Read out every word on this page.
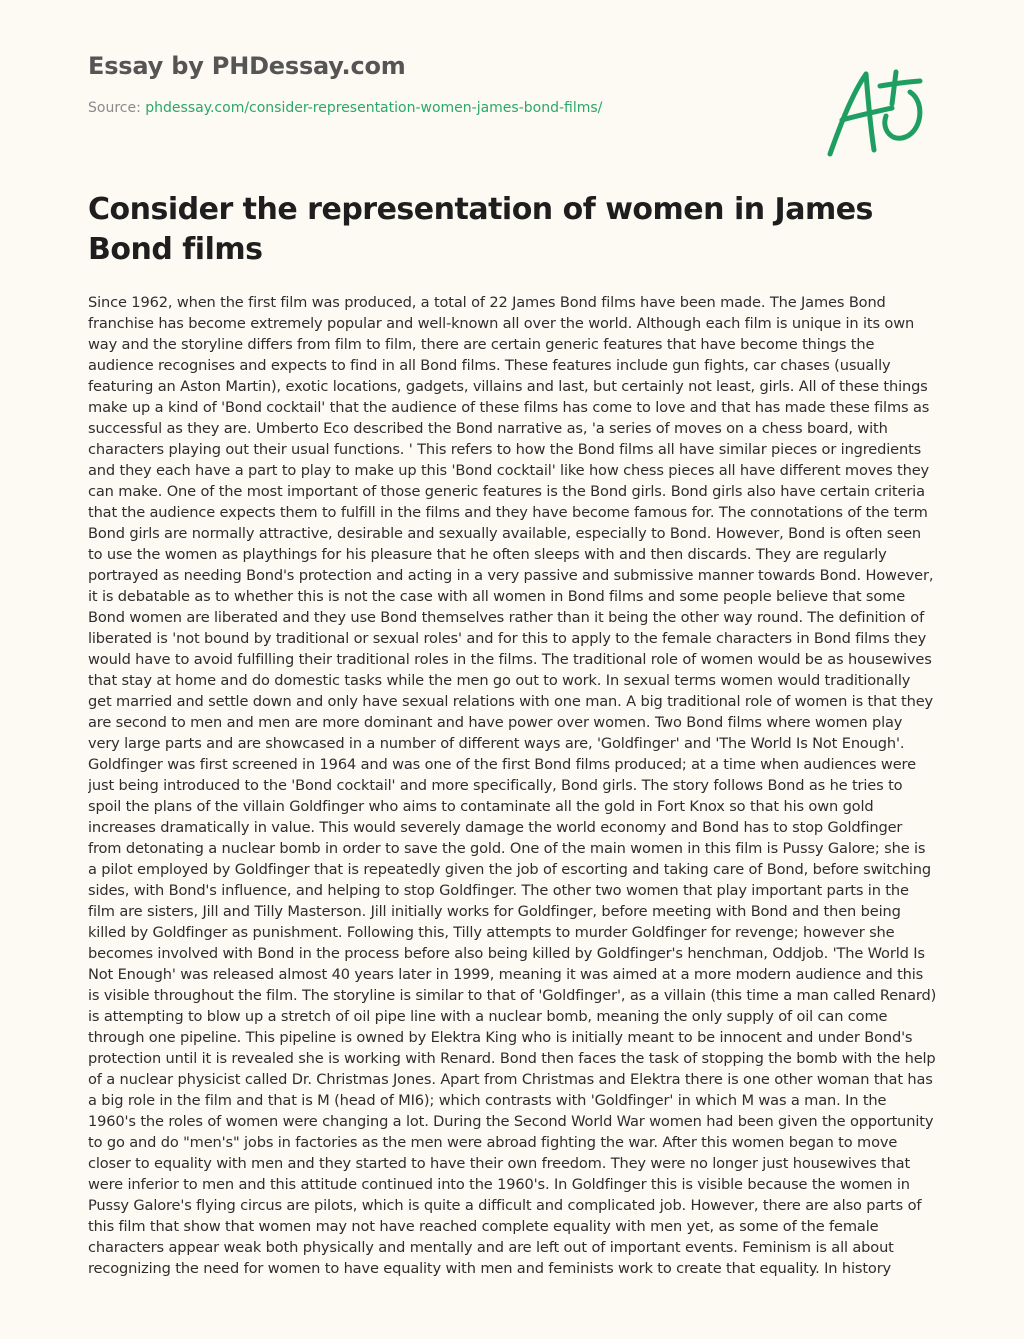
Essay by PHDessay.com
Source: phdessay.com/consider-representation-women-james-bond-films/
Consider the representation of women in James Bond films

Since 1962, when the first film was produced, a total of 22 James Bond films have been made. The James Bond franchise has become extremely popular and well-known all over the world. Although each film is unique in its own way and the storyline differs from film to film, there are certain generic features that have become things the audience recognises and expects to find in all Bond films. These features include gun fights, car chases (usually featuring an Aston Martin), exotic locations, gadgets, villains and last, but certainly not least, girls. All of these things make up a kind of 'Bond cocktail' that the audience of these films has come to love and that has made these films as successful as they are. Umberto Eco described the Bond narrative as, 'a series of moves on a chess board, with characters playing out their usual functions. ' This refers to how the Bond films all have similar pieces or ingredients and they each have a part to play to make up this 'Bond cocktail' like how chess pieces all have different moves they can make. One of the most important of those generic features is the Bond girls. Bond girls also have certain criteria that the audience expects them to fulfill in the films and they have become famous for. The connotations of the term Bond girls are normally attractive, desirable and sexually available, especially to Bond. However, Bond is often seen to use the women as playthings for his pleasure that he often sleeps with and then discards. They are regularly portrayed as needing Bond's protection and acting in a very passive and submissive manner towards Bond. However, it is debatable as to whether this is not the case with all women in Bond films and some people believe that some Bond women are liberated and they use Bond themselves rather than it being the other way round. The definition of liberated is 'not bound by traditional or sexual roles' and for this to apply to the female characters in Bond films they would have to avoid fulfilling their traditional roles in the films. The traditional role of women would be as housewives that stay at home and do domestic tasks while the men go out to work. In sexual terms women would traditionally get married and settle down and only have sexual relations with one man. A big traditional role of women is that they are second to men and men are more dominant and have power over women. Two Bond films where women play very large parts and are showcased in a number of different ways are, 'Goldfinger' and 'The World Is Not Enough'. Goldfinger was first screened in 1964 and was one of the first Bond films produced; at a time when audiences were just being introduced to the 'Bond cocktail' and more specifically, Bond girls. The story follows Bond as he tries to spoil the plans of the villain Goldfinger who aims to contaminate all the gold in Fort Knox so that his own gold increases dramatically in value. This would severely damage the world economy and Bond has to stop Goldfinger from detonating a nuclear bomb in order to save the gold. One of the main women in this film is Pussy Galore; she is a pilot employed by Goldfinger that is repeatedly given the job of escorting and taking care of Bond, before switching sides, with Bond's influence, and helping to stop Goldfinger. The other two women that play important parts in the film are sisters, Jill and Tilly Masterson. Jill initially works for Goldfinger, before meeting with Bond and then being killed by Goldfinger as punishment. Following this, Tilly attempts to murder Goldfinger for revenge; however she becomes involved with Bond in the process before also being killed by Goldfinger's henchman, Oddjob. 'The World Is Not Enough' was released almost 40 years later in 1999, meaning it was aimed at a more modern audience and this is visible throughout the film. The storyline is similar to that of 'Goldfinger', as a villain (this time a man called Renard) is attempting to blow up a stretch of oil pipe line with a nuclear bomb, meaning the only supply of oil can come through one pipeline. This pipeline is owned by Elektra King who is initially meant to be innocent and under Bond's protection until it is revealed she is working with Renard. Bond then faces the task of stopping the bomb with the help of a nuclear physicist called Dr. Christmas Jones. Apart from Christmas and Elektra there is one other woman that has a big role in the film and that is M (head of MI6); which contrasts with 'Goldfinger' in which M was a man. In the 1960's the roles of women were changing a lot. During the Second World War women had been given the opportunity to go and do "men's" jobs in factories as the men were abroad fighting the war. After this women began to move closer to equality with men and they started to have their own freedom. They were no longer just housewives that were inferior to men and this attitude continued into the 1960's. In Goldfinger this is visible because the women in Pussy Galore's flying circus are pilots, which is quite a difficult and complicated job. However, there are also parts of this film that show that women may not have reached complete equality with men yet, as some of the female characters appear weak both physically and mentally and are left out of important events. Feminism is all about recognizing the need for women to have equality with men and feminists work to create that equality. In history
